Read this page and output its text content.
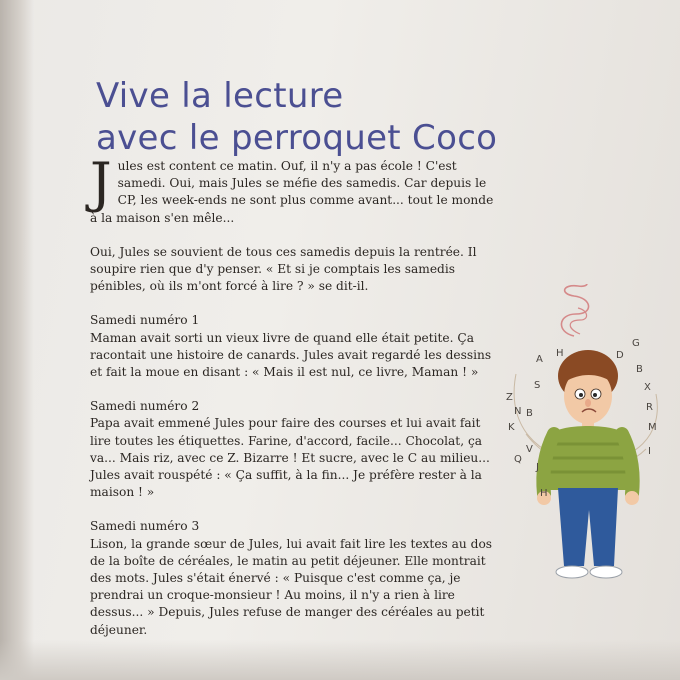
Vive la lecture
avec le perroquet Coco

Jules est content ce matin. Ouf, il n'y a pas école ! C'est samedi. Oui, mais Jules se méfie des samedis. Car depuis le CP, les week-ends ne sont plus comme avant... tout le monde à la maison s'en mêle...

Oui, Jules se souvient de tous ces samedis depuis la rentrée. Il soupire rien que d'y penser. « Et si je comptais les samedis pénibles, où ils m'ont forcé à lire ? » se dit-il.

Samedi numéro 1

Maman avait sorti un vieux livre de quand elle était petite. Ça racontait une histoire de canards. Jules avait regardé les dessins et fait la moue en disant : « Mais il est nul, ce livre, Maman ! »

Samedi numéro 2

Papa avait emmené Jules pour faire des courses et lui avait fait lire toutes les étiquettes. Farine, d'accord, facile... Chocolat, ça va... Mais riz, avec ce Z. Bizarre ! Et sucre, avec le C au milieu... Jules avait rouspété : « Ça suffit, à la fin... Je préfère rester à la maison ! »

Samedi numéro 3

Lison, la grande sœur de Jules, lui avait fait lire les textes au dos de la boîte de céréales, le matin au petit déjeuner. Elle montrait des mots. Jules s'était énervé : « Puisque c'est comme ça, je prendrai un croque-monsieur ! Au moins, il n'y a rien à lire dessus... » Depuis, Jules refuse de manger des céréales au petit déjeuner.

A
H	D
B
S
Z
N
K
B
X
R
M
V	I
J
Q
H
G
